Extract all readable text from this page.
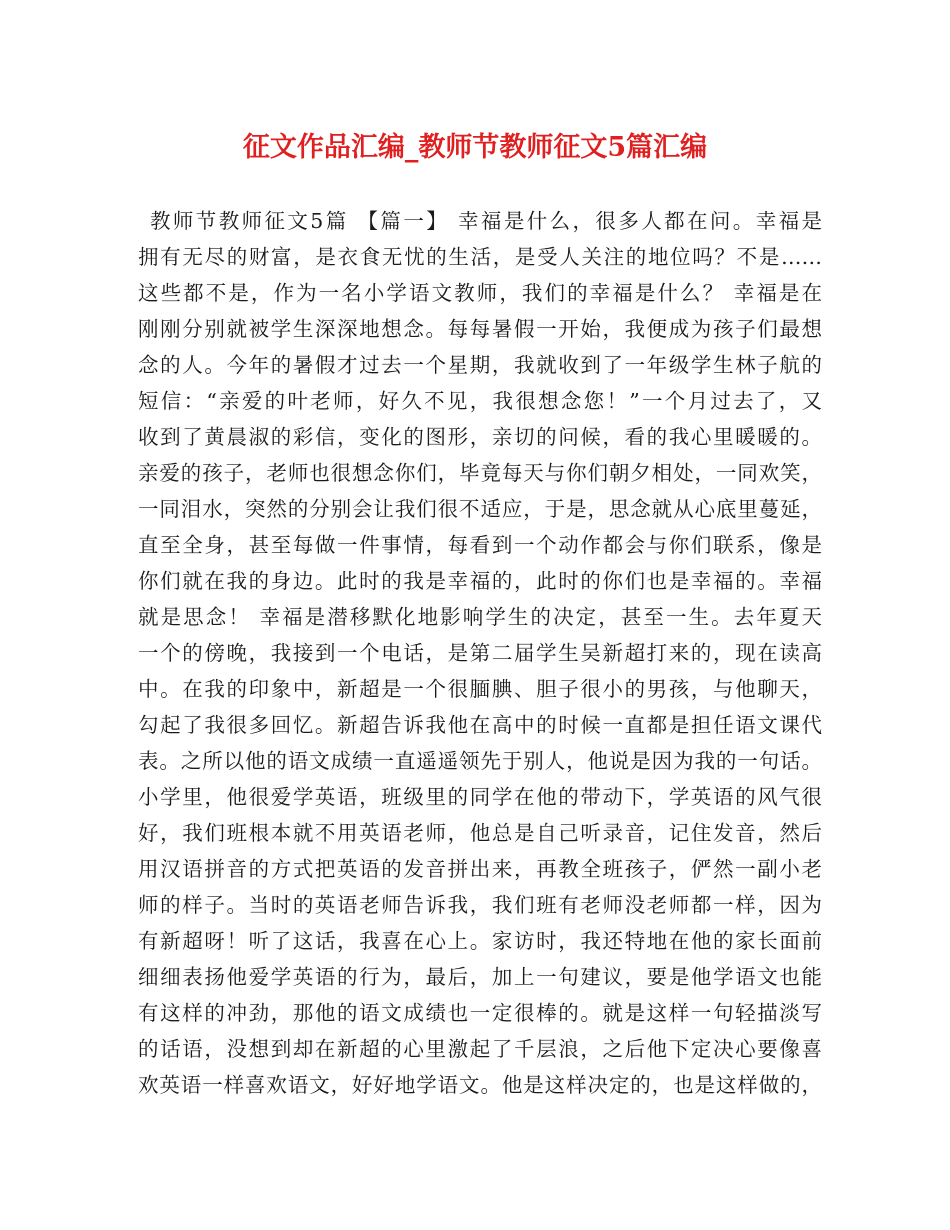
征文作品汇编_教师节教师征文5篇汇编
教师节教师征文5篇 【篇一】 幸福是什么，很多人都在问。幸福是
拥有无尽的财富，是衣食无忧的生活，是受人关注的地位吗？不是……
这些都不是，作为一名小学语文教师，我们的幸福是什么？ 幸福是在
刚刚分别就被学生深深地想念。每每暑假一开始，我便成为孩子们最想
念的人。今年的暑假才过去一个星期，我就收到了一年级学生林子航的
短信：“亲爱的叶老师，好久不见，我很想念您！”一个月过去了，又
收到了黄晨淑的彩信，变化的图形，亲切的问候，看的我心里暖暖的。
亲爱的孩子，老师也很想念你们，毕竟每天与你们朝夕相处，一同欢笑，
一同泪水，突然的分别会让我们很不适应，于是，思念就从心底里蔓延，
直至全身，甚至每做一件事情，每看到一个动作都会与你们联系，像是
你们就在我的身边。此时的我是幸福的，此时的你们也是幸福的。幸福
就是思念！ 幸福是潜移默化地影响学生的决定，甚至一生。去年夏天
一个的傍晚，我接到一个电话，是第二届学生吴新超打来的，现在读高
中。在我的印象中，新超是一个很腼腆、胆子很小的男孩，与他聊天，
勾起了我很多回忆。新超告诉我他在高中的时候一直都是担任语文课代
表。之所以他的语文成绩一直遥遥领先于别人，他说是因为我的一句话。
小学里，他很爱学英语，班级里的同学在他的带动下，学英语的风气很
好，我们班根本就不用英语老师，他总是自己听录音，记住发音，然后
用汉语拼音的方式把英语的发音拼出来，再教全班孩子，俨然一副小老
师的样子。当时的英语老师告诉我，我们班有老师没老师都一样，因为
有新超呀！听了这话，我喜在心上。家访时，我还特地在他的家长面前
细细表扬他爱学英语的行为，最后，加上一句建议，要是他学语文也能
有这样的冲劲，那他的语文成绩也一定很棒的。就是这样一句轻描淡写
的话语，没想到却在新超的心里激起了千层浪，之后他下定决心要像喜
欢英语一样喜欢语文，好好地学语文。他是这样决定的，也是这样做的，
